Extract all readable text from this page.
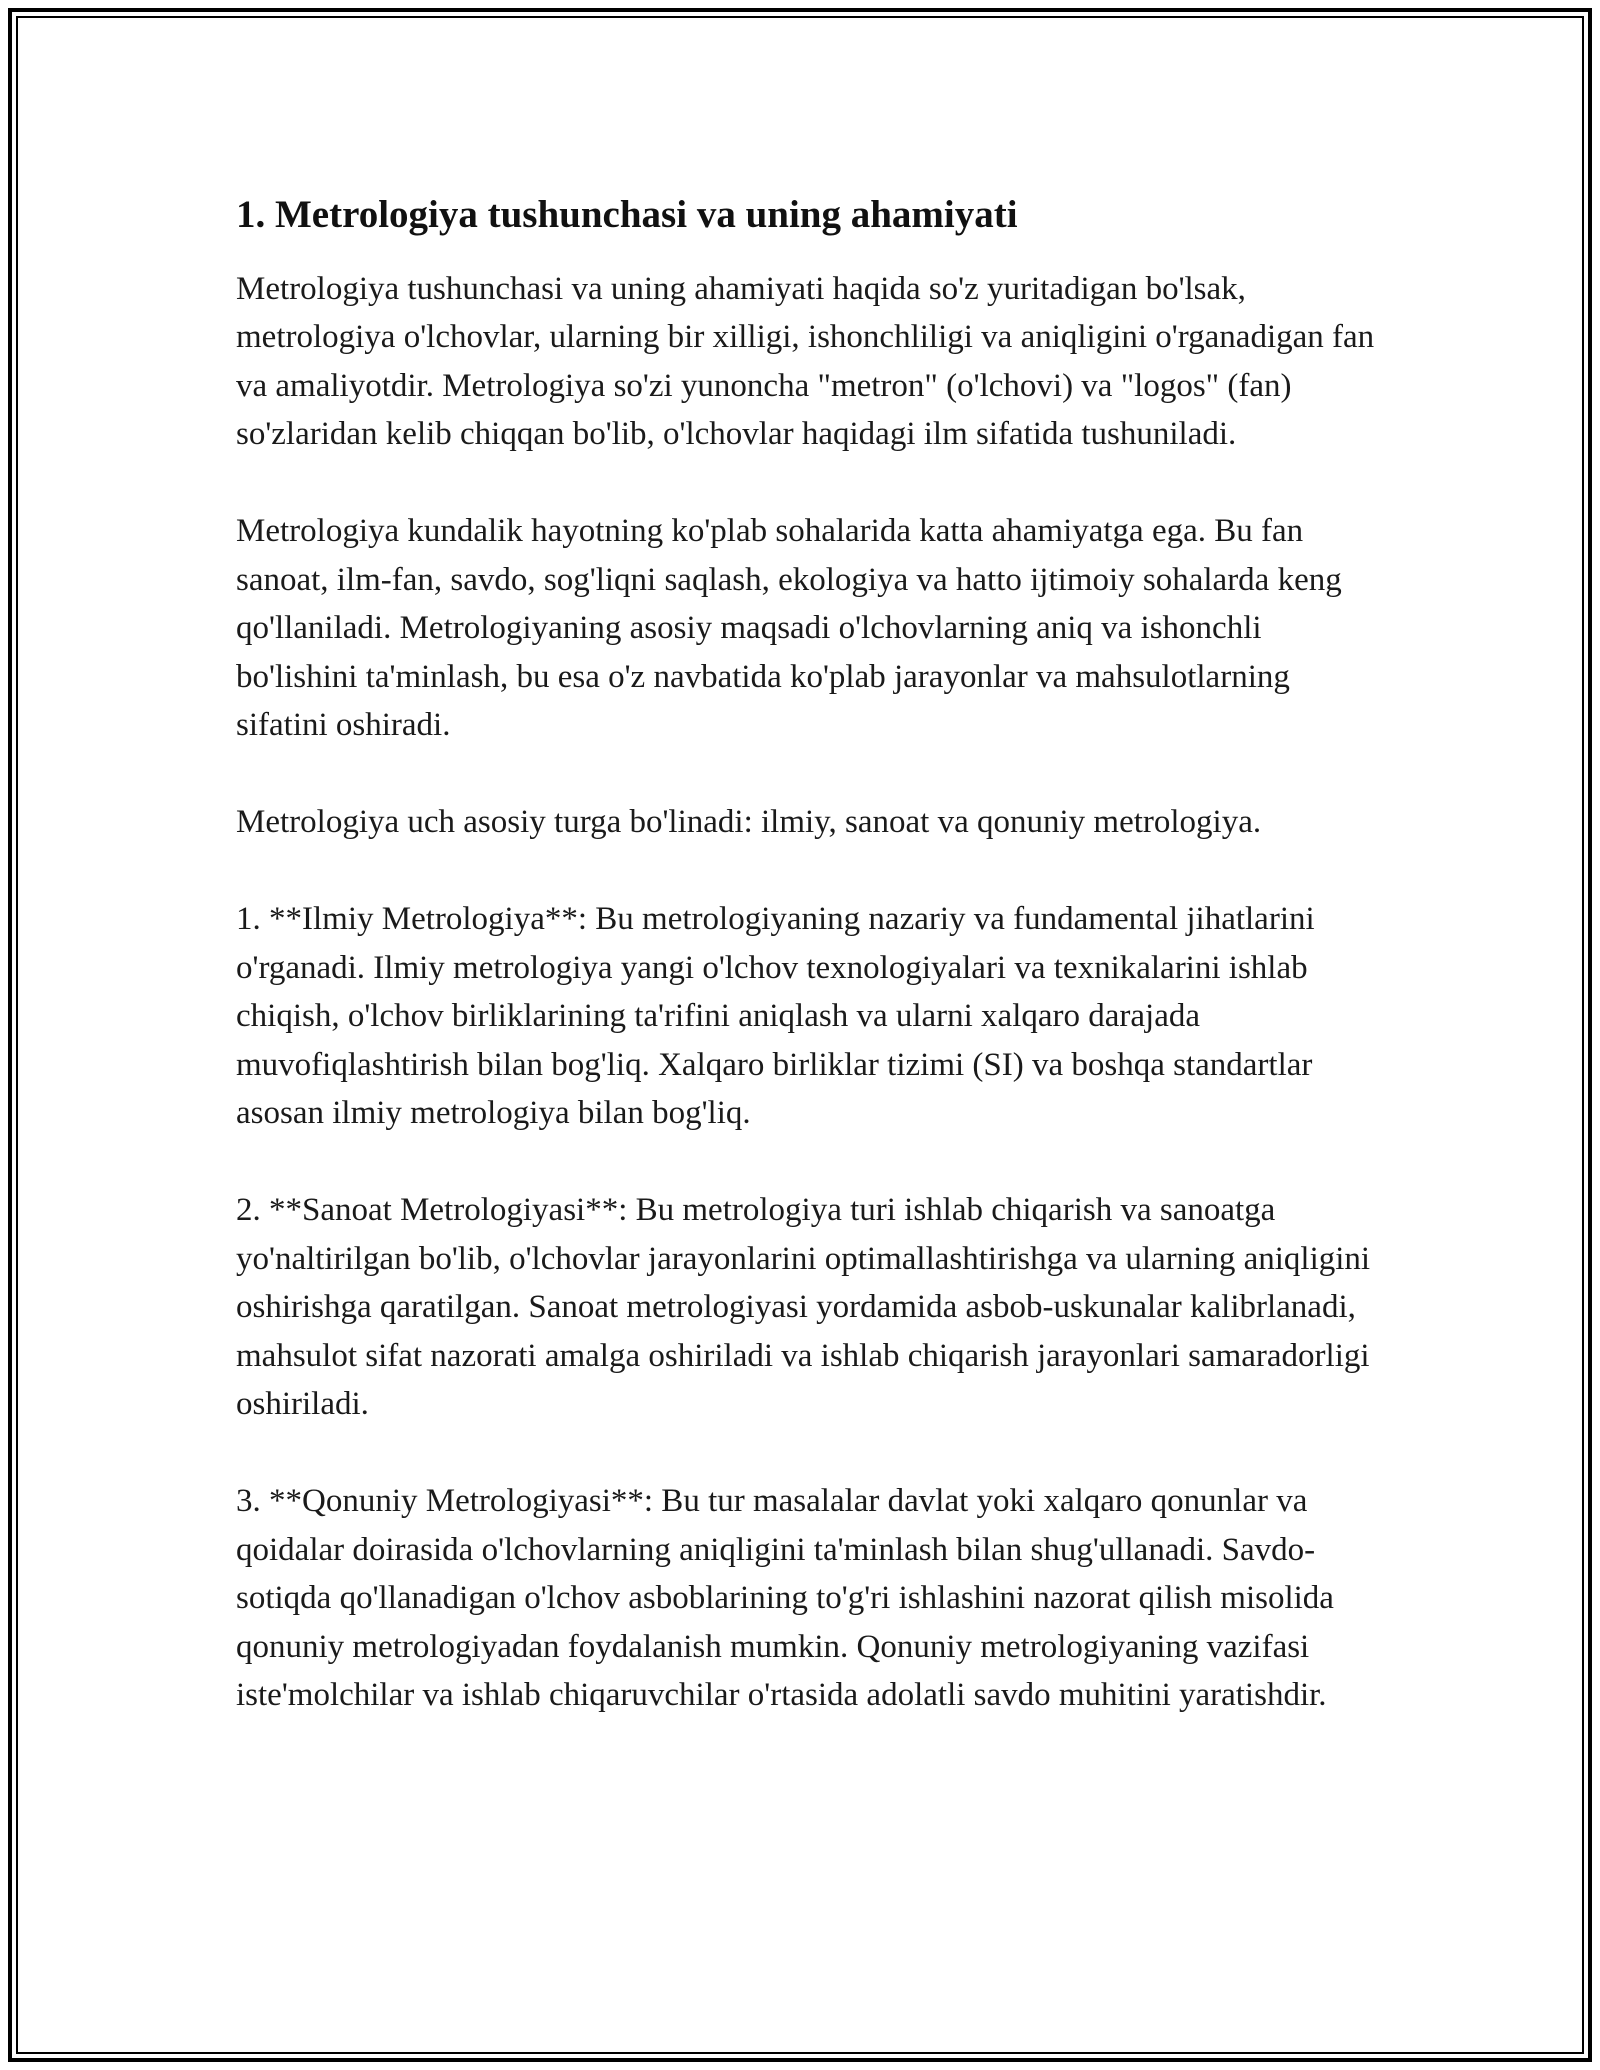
1. Metrologiya tushunchasi va uning ahamiyati

Metrologiya tushunchasi va uning ahamiyati haqida so'z yuritadigan bo'lsak, metrologiya o'lchovlar, ularning bir xilligi, ishonchliligi va aniqligini o'rganadigan fan va amaliyotdir. Metrologiya so'zi yunoncha "metron" (o'lchovi) va "logos" (fan) so'zlaridan kelib chiqqan bo'lib, o'lchovlar haqidagi ilm sifatida tushuniladi.

Metrologiya kundalik hayotning ko'plab sohalarida katta ahamiyatga ega. Bu fan sanoat, ilm-fan, savdo, sog'liqni saqlash, ekologiya va hatto ijtimoiy sohalarda keng qo'llaniladi. Metrologiyaning asosiy maqsadi o'lchovlarning aniq va ishonchli bo'lishini ta'minlash, bu esa o'z navbatida ko'plab jarayonlar va mahsulotlarning sifatini oshiradi.

Metrologiya uch asosiy turga bo'linadi: ilmiy, sanoat va qonuniy metrologiya.

1. **Ilmiy Metrologiya**: Bu metrologiyaning nazariy va fundamental jihatlarini o'rganadi. Ilmiy metrologiya yangi o'lchov texnologiyalari va texnikalarini ishlab chiqish, o'lchov birliklarining ta'rifini aniqlash va ularni xalqaro darajada muvofiqlashtirish bilan bog'liq. Xalqaro birliklar tizimi (SI) va boshqa standartlar asosan ilmiy metrologiya bilan bog'liq.

2. **Sanoat Metrologiyasi**: Bu metrologiya turi ishlab chiqarish va sanoatga yo'naltirilgan bo'lib, o'lchovlar jarayonlarini optimallashtirishga va ularning aniqligini oshirishga qaratilgan. Sanoat metrologiyasi yordamida asbob-uskunalar kalibrlanadi, mahsulot sifat nazorati amalga oshiriladi va ishlab chiqarish jarayonlari samaradorligi oshiriladi.

3. **Qonuniy Metrologiyasi**: Bu tur masalalar davlat yoki xalqaro qonunlar va qoidalar doirasida o'lchovlarning aniqligini ta'minlash bilan shug'ullanadi. Savdo-sotiqda qo'llanadigan o'lchov asboblarining to'g'ri ishlashini nazorat qilish misolida qonuniy metrologiyadan foydalanish mumkin. Qonuniy metrologiyaning vazifasi iste'molchilar va ishlab chiqaruvchilar o'rtasida adolatli savdo muhitini yaratishdir.
